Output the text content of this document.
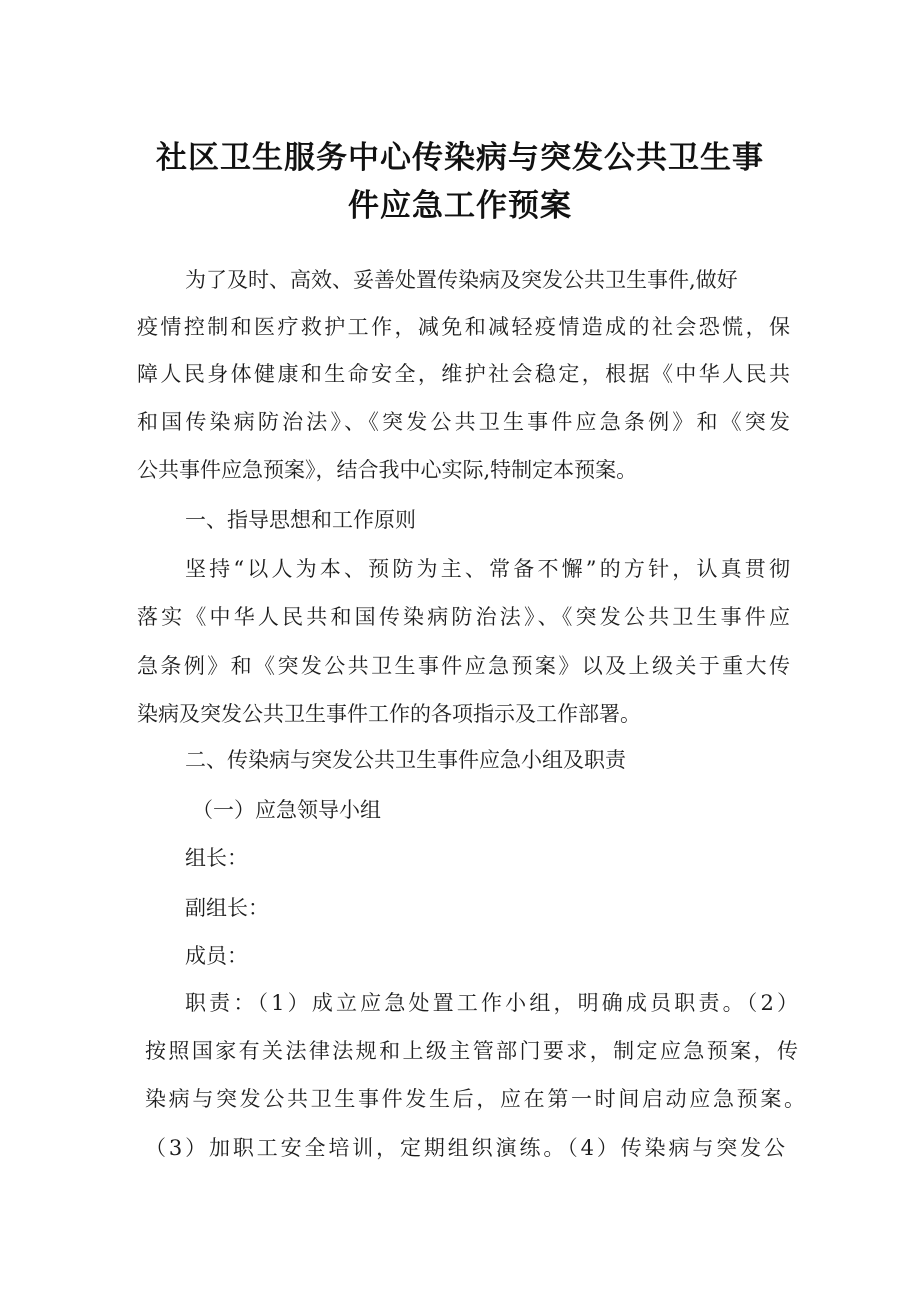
社区卫生服务中心传染病与突发公共卫生事
件应急工作预案
为了及时、高效、妥善处置传染病及突发公共卫生事件,做好
疫情控制和医疗救护工作，减免和减轻疫情造成的社会恐慌，保
障人民身体健康和生命安全，维护社会稳定，根据《中华人民共
和国传染病防治法》、《突发公共卫生事件应急条例》和《突发
公共事件应急预案》，结合我中心实际,特制定本预案。
一、指导思想和工作原则
坚持“以人为本、预防为主、常备不懈”的方针，认真贯彻
落实《中华人民共和国传染病防治法》、《突发公共卫生事件应
急条例》和《突发公共卫生事件应急预案》以及上级关于重大传
染病及突发公共卫生事件工作的各项指示及工作部署。
二、传染病与突发公共卫生事件应急小组及职责
（一）应急领导小组
组长：
副组长：
成员：
职责：（1）成立应急处置工作小组，明确成员职责。（2）
按照国家有关法律法规和上级主管部门要求，制定应急预案，传
染病与突发公共卫生事件发生后，应在第一时间启动应急预案。
（3）加职工安全培训，定期组织演练。（4）传染病与突发公
